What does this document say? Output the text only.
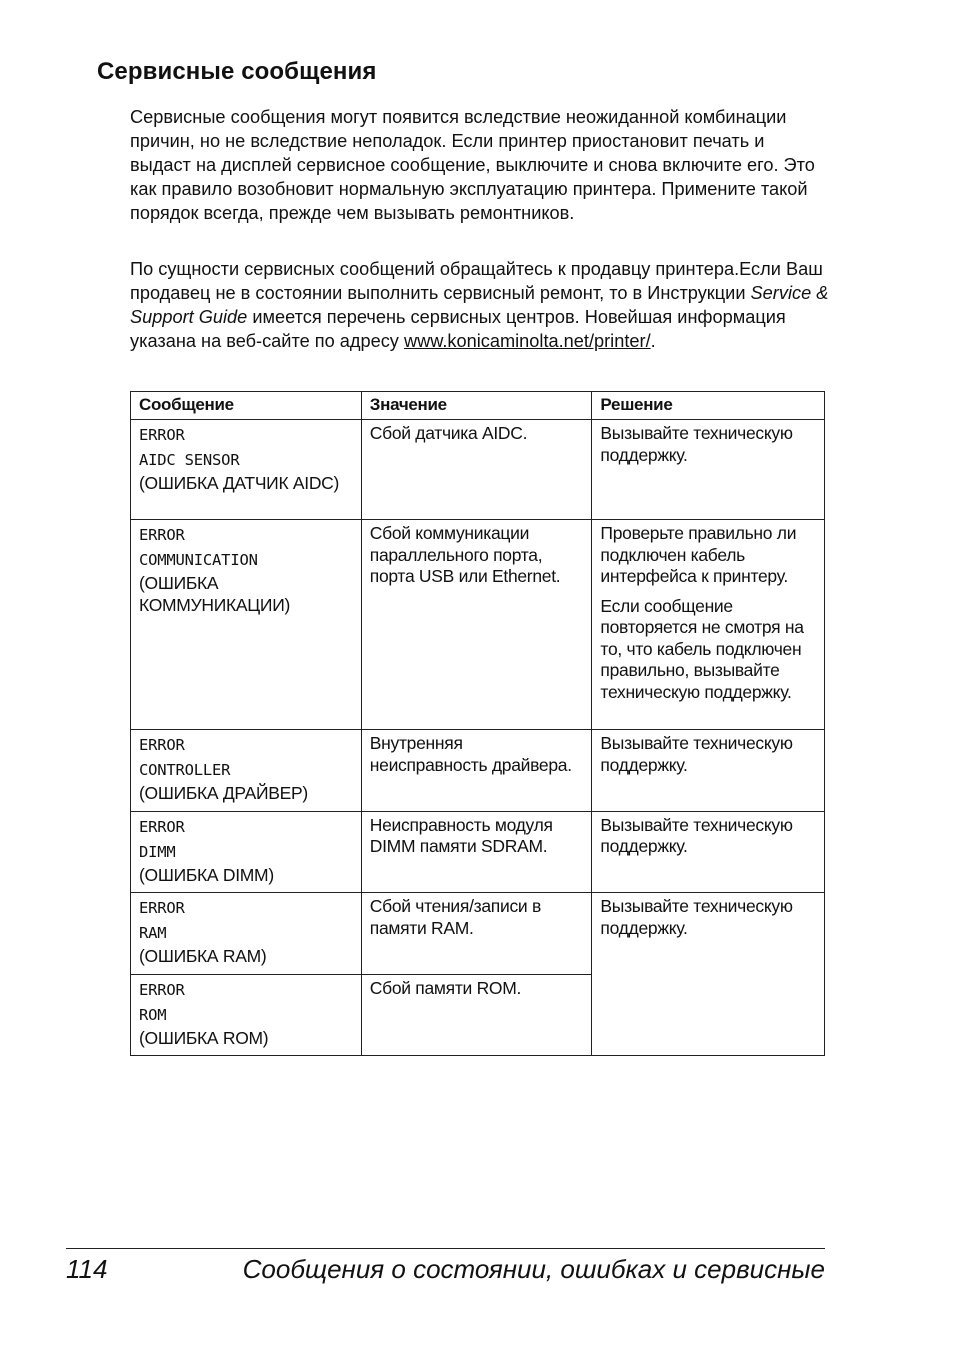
Сервисные сообщения

Сервисные сообщения могут появится вследствие неожиданной комбинации причин, но не вследствие неполадок. Если принтер приостановит печать и выдаст на дисплей сервисное сообщение, выключите и снова включите его. Это как правило возобновит нормальную эксплуатацию принтера. Примените такой порядок всегда, прежде чем вызывать ремонтников.

По сущности сервисных сообщений обращайтесь к продавцу принтера.Если Ваш продавец не в состоянии выполнить сервисный ремонт, то в Инструкции Service & Support Guide имеется перечень сервисных центров. Новейшая информация указана на веб-сайте по адресу www.konicaminolta.net/printer/.

Сообщение	Значение	Решение

ERROR
AIDC SENSOR
(ОШИБКА ДАТЧИК AIDC)	Сбой датчика AIDC.	Вызывайте техническую поддержку.

ERROR
COMMUNICATION
(ОШИБКА КОММУНИКАЦИИ)	Сбой коммуникации параллельного порта, порта USB или Ethernet.	Проверьте правильно ли подключен кабель интерфейса к принтеру.
Если сообщение повторяется не смотря на то, что кабель подключен правильно, вызывайте техническую поддержку.

ERROR
CONTROLLER
(ОШИБКА ДРАЙВЕР)	Внутренняя неисправность драйвера.	Вызывайте техническую поддержку.

ERROR
DIMM
(ОШИБКА DIMM)	Неисправность модуля DIMM памяти SDRAM.	Вызывайте техническую поддержку.

ERROR
RAM
(ОШИБКА RAM)	Сбой чтения/записи в памяти RAM.	Вызывайте техническую поддержку.

ERROR
ROM
(ОШИБКА ROM)	Сбой памяти ROM.	
114	Сообщения о состоянии, ошибках и сервисные
